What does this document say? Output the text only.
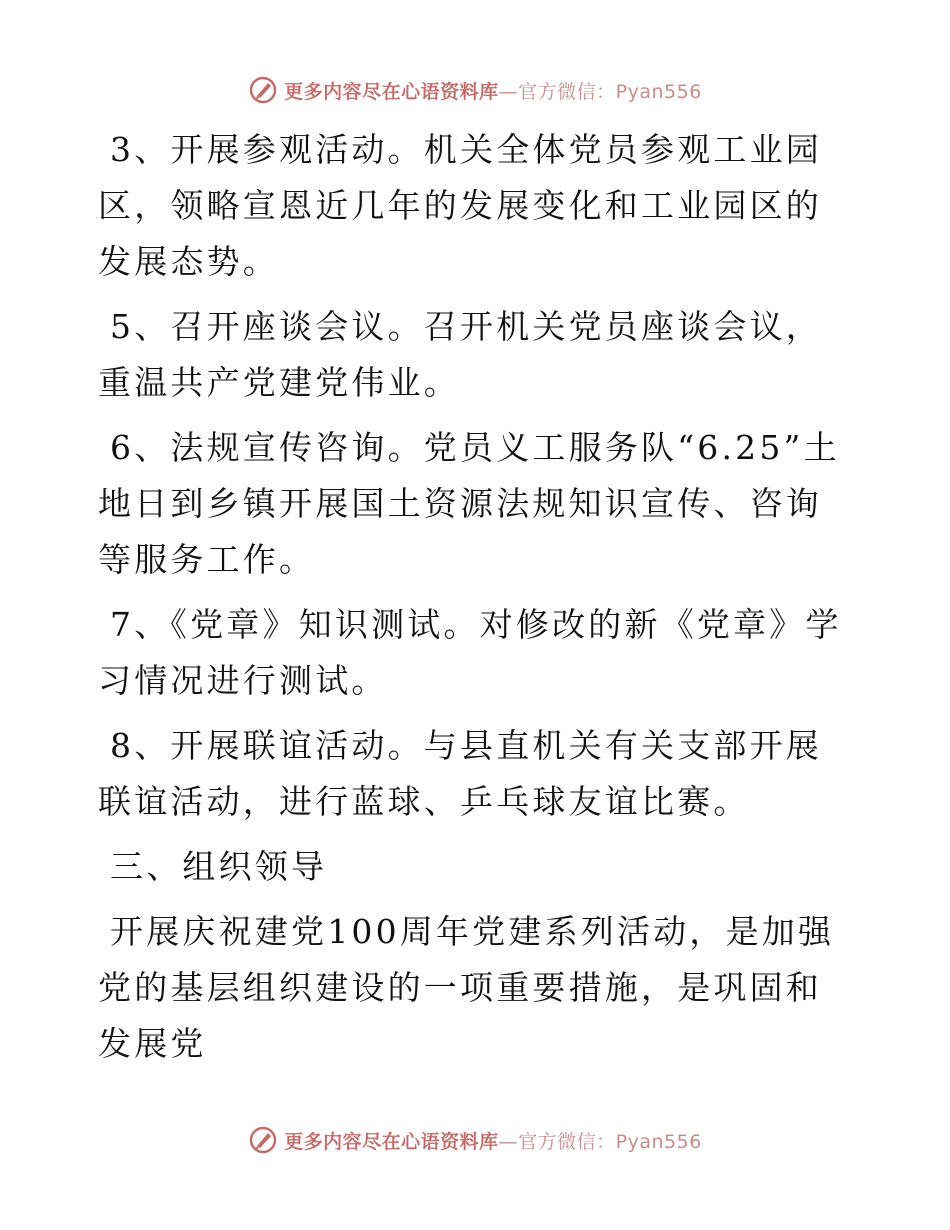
更多内容尽在心语资料库—官方微信：Pyan556

3、开展参观活动。机关全体党员参观工业园区，领略宣恩近几年的发展变化和工业园区的发展态势。

5、召开座谈会议。召开机关党员座谈会议，重温共产党建党伟业。

6、法规宣传咨询。党员义工服务队“6.25”土地日到乡镇开展国土资源法规知识宣传、咨询等服务工作。

7、《党章》知识测试。对修改的新《党章》学习情况进行测试。

8、开展联谊活动。与县直机关有关支部开展联谊活动，进行蓝球、乒乓球友谊比赛。

三、组织领导

开展庆祝建党100周年党建系列活动，是加强党的基层组织建设的一项重要措施，是巩固和发展党

更多内容尽在心语资料库—官方微信：Pyan556
